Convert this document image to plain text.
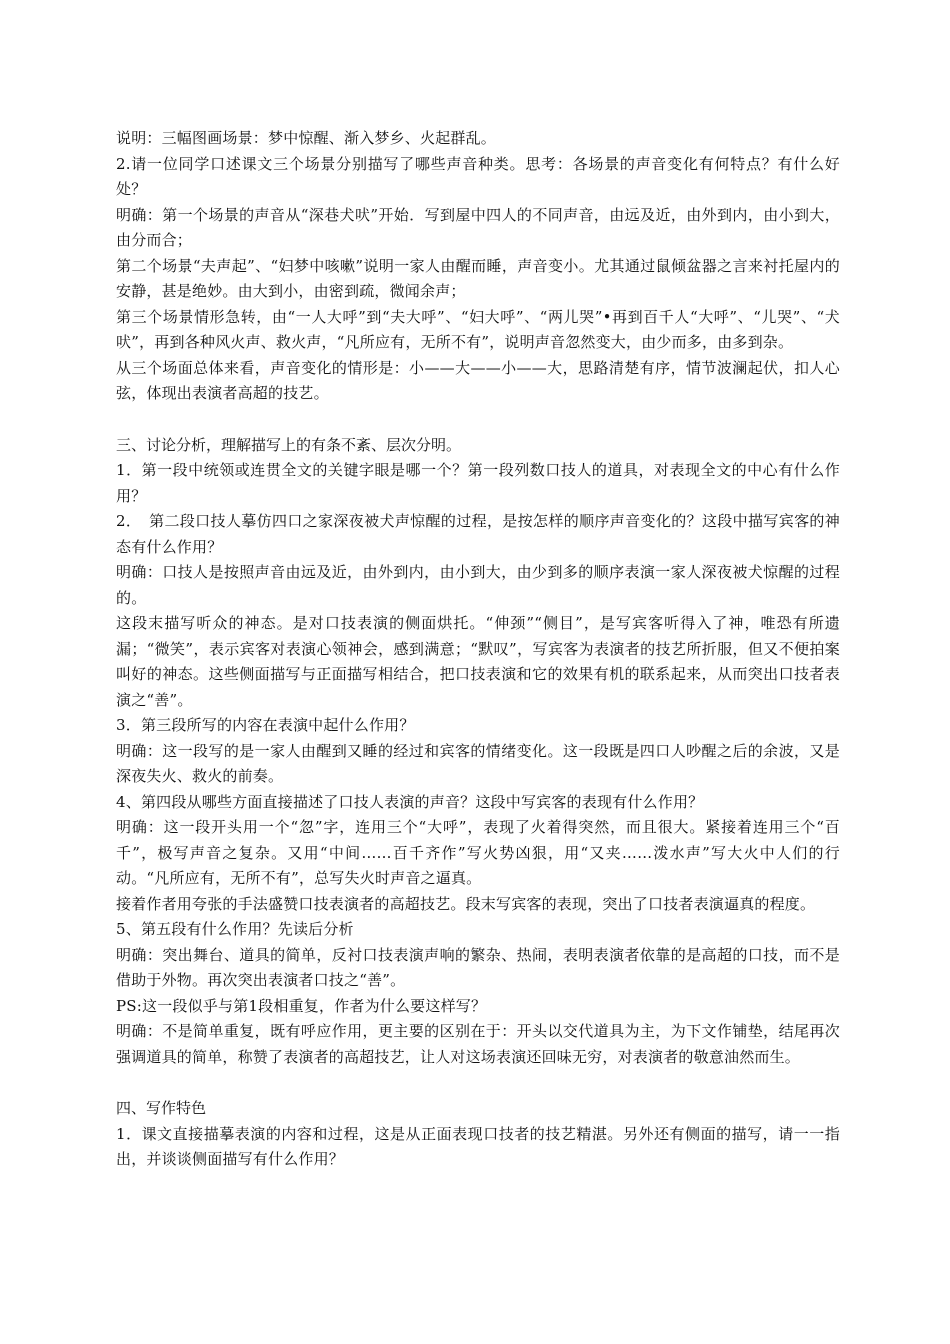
说明：三幅图画场景：梦中惊醒、渐入梦乡、火起群乱。

2.请一位同学口述课文三个场景分别描写了哪些声音种类。思考：各场景的声音变化有何特点？有什么好处？

明确：第一个场景的声音从“深巷犬吠”开始．写到屋中四人的不同声音，由远及近，由外到内，由小到大，由分而合；

第二个场景“夫声起”、“妇梦中咳嗽”说明一家人由醒而睡，声音变小。尤其通过鼠倾盆器之言来衬托屋内的安静，甚是绝妙。由大到小，由密到疏，微闻余声；

第三个场景情形急转，由“一人大呼”到“夫大呼”、“妇大呼”、“两儿哭”•再到百千人“大呼”、“儿哭”、“犬吠”，再到各种风火声、救火声，“凡所应有，无所不有”，说明声音忽然变大，由少而多，由多到杂。

从三个场面总体来看，声音变化的情形是：小——大——小——大，思路清楚有序，情节波澜起伏，扣人心弦，体现出表演者高超的技艺。

三、讨论分析，理解描写上的有条不紊、层次分明。

1．第一段中统领或连贯全文的关键字眼是哪一个？第一段列数口技人的道具，对表现全文的中心有什么作用？

2．　第二段口技人摹仿四口之家深夜被犬声惊醒的过程，是按怎样的顺序声音变化的？这段中描写宾客的神态有什么作用？

明确：口技人是按照声音由远及近，由外到内，由小到大，由少到多的顺序表演一家人深夜被犬惊醒的过程的。

这段末描写听众的神态。是对口技表演的侧面烘托。“伸颈”“侧目”，是写宾客听得入了神，唯恐有所遗漏；“微笑”，表示宾客对表演心领神会，感到满意；“默叹”，写宾客为表演者的技艺所折服，但又不便拍案叫好的神态。这些侧面描写与正面描写相结合，把口技表演和它的效果有机的联系起来，从而突出口技者表演之“善”。

3．第三段所写的内容在表演中起什么作用？

明确：这一段写的是一家人由醒到又睡的经过和宾客的情绪变化。这一段既是四口人吵醒之后的余波，又是深夜失火、救火的前奏。

4、第四段从哪些方面直接描述了口技人表演的声音？这段中写宾客的表现有什么作用？

明确：这一段开头用一个“忽”字，连用三个“大呼”，表现了火着得突然，而且很大。紧接着连用三个“百千”，极写声音之复杂。又用“中间……百千齐作”写火势凶狠，用“又夹……泼水声”写大火中人们的行动。“凡所应有，无所不有”，总写失火时声音之逼真。

接着作者用夸张的手法盛赞口技表演者的高超技艺。段末写宾客的表现，突出了口技者表演逼真的程度。

5、第五段有什么作用？先读后分析

明确：突出舞台、道具的简单，反衬口技表演声响的繁杂、热闹，表明表演者依靠的是高超的口技，而不是借助于外物。再次突出表演者口技之“善”。

PS:这一段似乎与第1段相重复，作者为什么要这样写？

明确：不是简单重复，既有呼应作用，更主要的区别在于：开头以交代道具为主，为下文作铺垫，结尾再次强调道具的简单，称赞了表演者的高超技艺，让人对这场表演还回味无穷，对表演者的敬意油然而生。

四、写作特色

1．课文直接描摹表演的内容和过程，这是从正面表现口技者的技艺精湛。另外还有侧面的描写，请一一指出，并谈谈侧面描写有什么作用？
